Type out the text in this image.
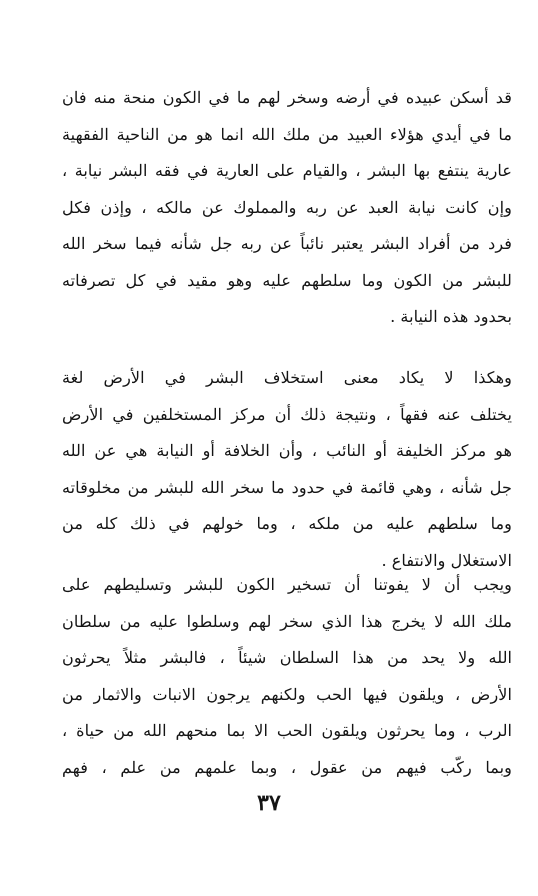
قد أسكن عبيده في أرضه وسخر لهم ما في الكون منحة منه فان
ما في أيدي هؤلاء العبيد من ملك الله انما هو من الناحية الفقهية
عارية ينتفع بها البشر ، والقيام على العارية في فقه البشر نيابة ،
وإن كانت نيابة العبد عن ربه والمملوك عن مالكه ، وإذن فكل
فرد من أفراد البشر يعتبر نائباً عن ربه جل شأنه فيما سخر الله
للبشر من الكون وما سلطهم عليه وهو مقيد في كل تصرفاته
بحدود هذه النيابة .
وهكذا لا يكاد معنى استخلاف البشر في الأرض لغة
يختلف عنه فقهاً ، ونتيجة ذلك أن مركز المستخلفين في الأرض
هو مركز الخليفة أو النائب ، وأن الخلافة أو النيابة هي عن الله
جل شأنه ، وهي قائمة في حدود ما سخر الله للبشر من مخلوقاته
وما سلطهم عليه من ملكه ، وما خولهم في ذلك كله من
الاستغلال والانتفاع .
ويجب أن لا يفوتنا أن تسخير الكون للبشر وتسليطهم على
ملك الله لا يخرج هذا الذي سخر لهم وسلطوا عليه من سلطان
الله ولا يحد من هذا السلطان شيئاً ، فالبشر مثلاً يحرثون
الأرض ، ويلقون فيها الحب ولكنهم يرجون الانبات والاثمار من
الرب ، وما يحرثون ويلقون الحب الا بما منحهم الله من حياة ،
وبما ركّب فيهم من عقول ، وبما علمهم من علم ، فهم
٣٧
